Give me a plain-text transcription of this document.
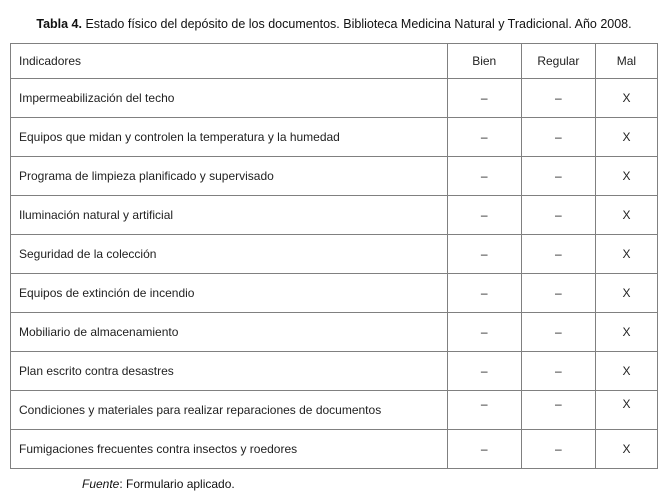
Tabla 4. Estado físico del depósito de los documentos. Biblioteca Medicina Natural y Tradicional. Año 2008.
Indicadores	Bien	Regular	Mal
Impermeabilización del techo	–	–	X
Equipos que midan y controlen la temperatura y la humedad	–	–	X
Programa de limpieza planificado y supervisado	–	–	X
Iluminación natural y artificial	–	–	X
Seguridad de la colección	–	–	X
Equipos de extinción de incendio	–	–	X
Mobiliario de almacenamiento	–	–	X
Plan escrito contra desastres	–	–	X
Condiciones y materiales para realizar reparaciones de documentos	–	–	X
Fumigaciones frecuentes contra insectos y roedores	–	–	X
Fuente: Formulario aplicado.
